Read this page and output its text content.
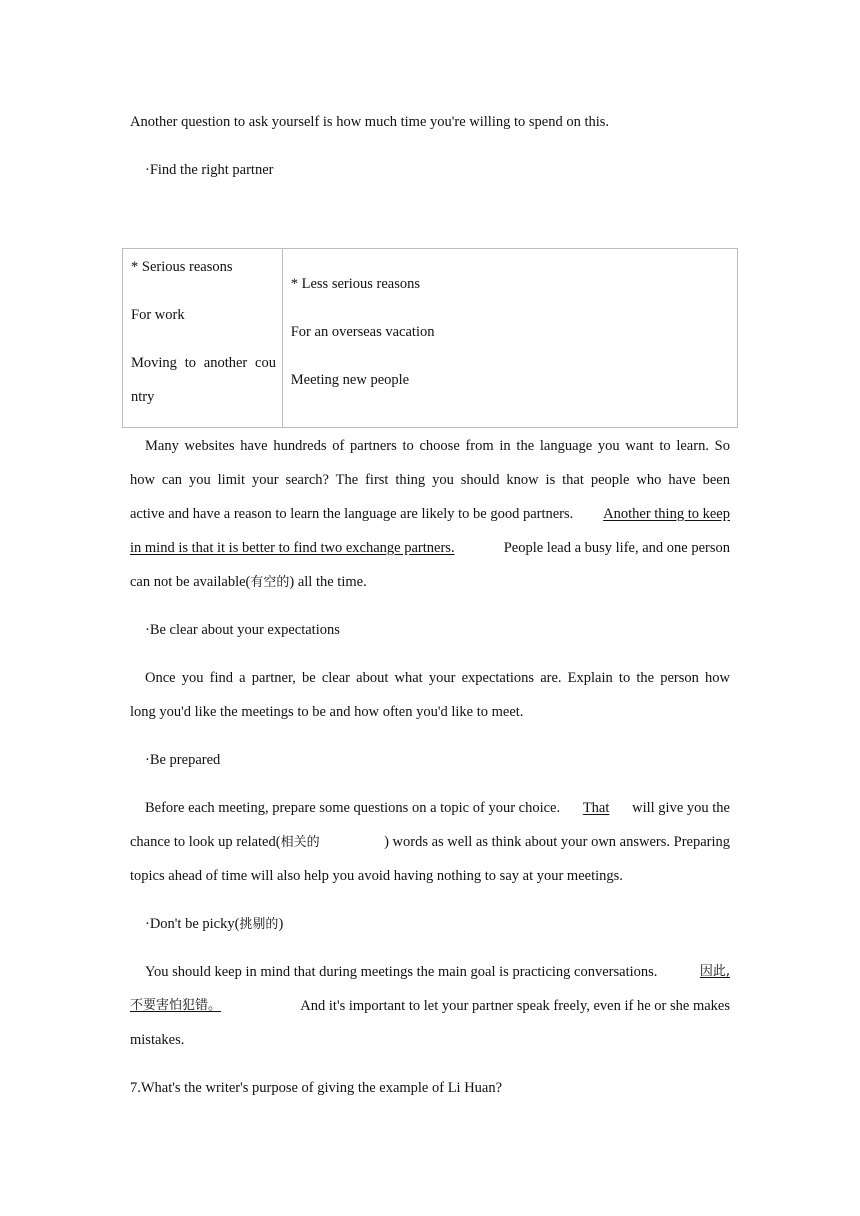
Another question to ask yourself is how much time you're willing to spend on this.
·Find the right partner
* Serious reasons
For work
Moving to another cou
ntry

* Less serious reasons
For an overseas vacation
Meeting new people
Many websites have hundreds of partners to choose from in the language you want to learn. So
how can you limit your search? The first thing you should know is that people who have been
active and have a reason to learn the language are likely to be good partners. Another thing to keep
in mind is that it is better to find two exchange partners.	People lead a busy life, and one person
can not be available(有空的) all the time.
·Be clear about your expectations
Once you find a partner, be clear about what your expectations are. Explain to the person how
long you'd like the meetings to be and how often you'd like to meet.
·Be prepared
Before each meeting, prepare some questions on a topic of your choice. That will give you the
chance to look up related(相关的	) words as well as think about your own answers. Preparing
topics ahead of time will also help you avoid having nothing to say at your meetings.
·Don't be picky(挑剔的)
You should keep in mind that during meetings the main goal is practicing conversations.	因此,
不要害怕犯错。	And it's important to let your partner speak freely, even if he or she makes
mistakes.
7.What's the writer's purpose of giving the example of Li Huan?
